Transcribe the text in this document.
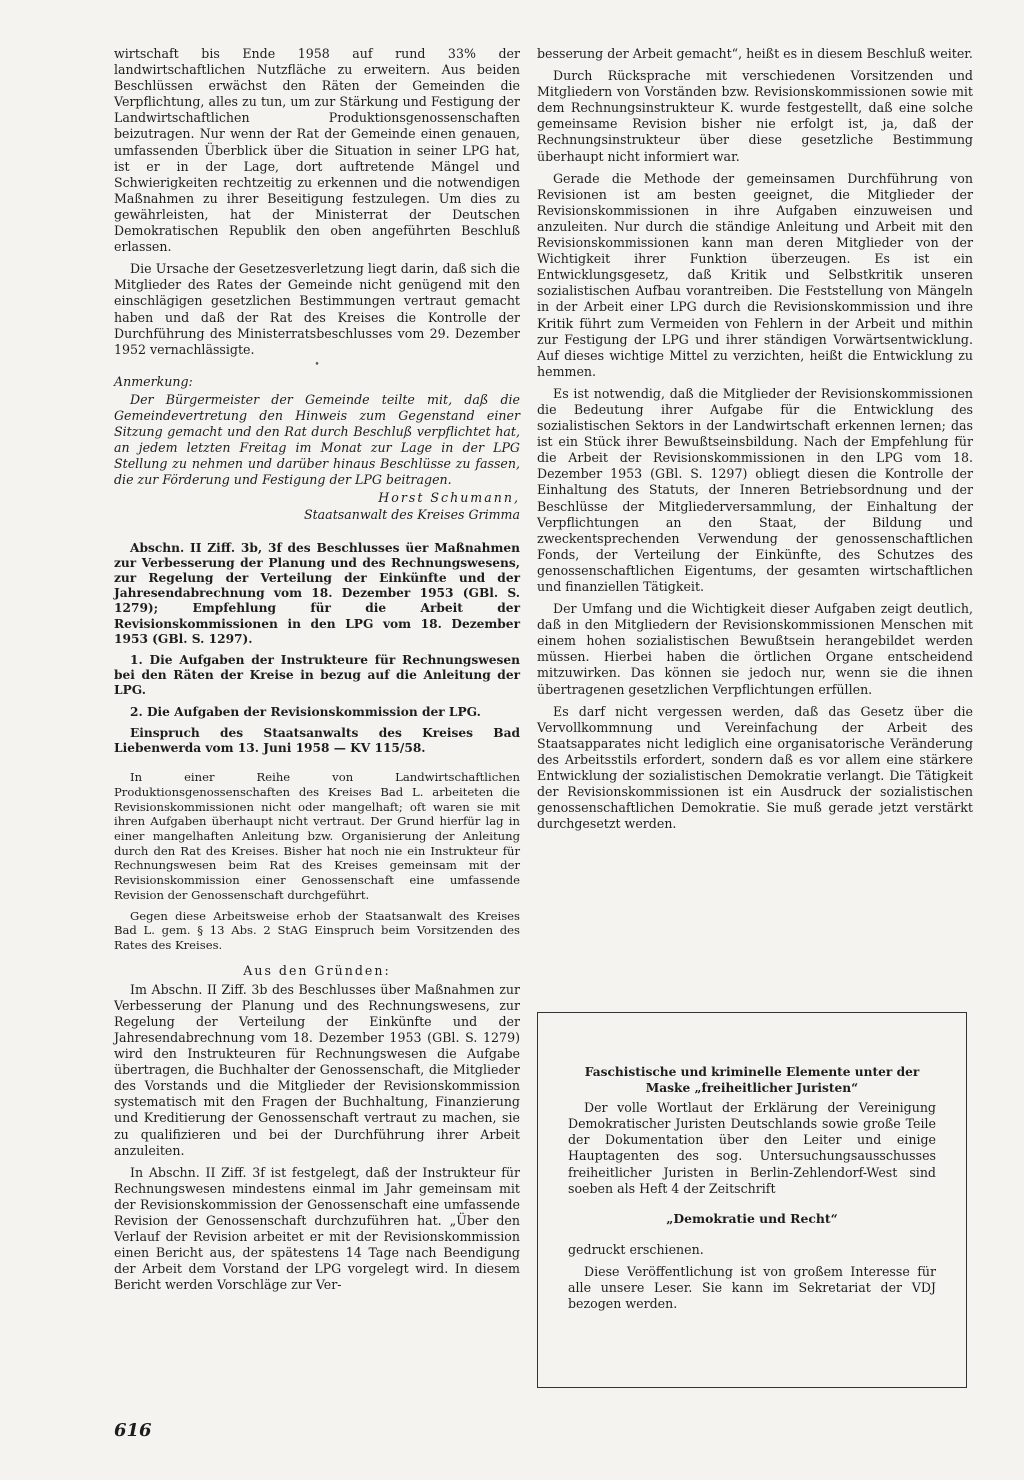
wirtschaft bis Ende 1958 auf rund 33% der landwirtschaftlichen Nutzfläche zu erweitern. Aus beiden Beschlüssen erwächst den Räten der Gemeinden die Verpflichtung, alles zu tun, um zur Stärkung und Festigung der Landwirtschaftlichen Produktionsgenossenschaften beizutragen. Nur wenn der Rat der Gemeinde einen genauen, umfassenden Überblick über die Situation in seiner LPG hat, ist er in der Lage, dort auftretende Mängel und Schwierigkeiten rechtzeitig zu erkennen und die notwendigen Maßnahmen zu ihrer Beseitigung festzulegen. Um dies zu gewährleisten, hat der Ministerrat der Deutschen Demokratischen Republik den oben angeführten Beschluß erlassen.

Die Ursache der Gesetzesverletzung liegt darin, daß sich die Mitglieder des Rates der Gemeinde nicht genügend mit den einschlägigen gesetzlichen Bestimmungen vertraut gemacht haben und daß der Rat des Kreises die Kontrolle der Durchführung des Ministerratsbeschlusses vom 29. Dezember 1952 vernachlässigte.

•

Anmerkung:

Der Bürgermeister der Gemeinde teilte mit, daß die Gemeindevertretung den Hinweis zum Gegenstand einer Sitzung gemacht und den Rat durch Beschluß verpflichtet hat, an jedem letzten Freitag im Monat zur Lage in der LPG Stellung zu nehmen und darüber hinaus Beschlüsse zu fassen, die zur Förderung und Festigung der LPG beitragen.

Horst Schumann,

Staatsanwalt des Kreises Grimma

Abschn. II Ziff. 3b, 3f des Beschlusses üer Maßnahmen zur Verbesserung der Planung und des Rechnungswesens, zur Regelung der Verteilung der Einkünfte und der Jahresendabrechnung vom 18. Dezember 1953 (GBl. S. 1279); Empfehlung für die Arbeit der Revisionskommissionen in den LPG vom 18. Dezember 1953 (GBl. S. 1297).
1. Die Aufgaben der Instrukteure für Rechnungswesen bei den Räten der Kreise in bezug auf die Anleitung der LPG.
2. Die Aufgaben der Revisionskommission der LPG.
Einspruch des Staatsanwalts des Kreises Bad Liebenwerda vom 13. Juni 1958 — KV 115/58.

In einer Reihe von Landwirtschaftlichen Produktionsgenossenschaften des Kreises Bad L. arbeiteten die Revisionskommissionen nicht oder mangelhaft; oft waren sie mit ihren Aufgaben überhaupt nicht vertraut. Der Grund hierfür lag in einer mangelhaften Anleitung bzw. Organisierung der Anleitung durch den Rat des Kreises. Bisher hat noch nie ein Instrukteur für Rechnungswesen beim Rat des Kreises gemeinsam mit der Revisionskommission einer Genossenschaft eine umfassende Revision der Genossenschaft durchgeführt.

Gegen diese Arbeitsweise erhob der Staatsanwalt des Kreises Bad L. gem. § 13 Abs. 2 StAG Einspruch beim Vorsitzenden des Rates des Kreises.

Aus den Gründen:

Im Abschn. II Ziff. 3b des Beschlusses über Maßnahmen zur Verbesserung der Planung und des Rechnungswesens, zur Regelung der Verteilung der Einkünfte und der Jahresendabrechnung vom 18. Dezember 1953 (GBl. S. 1279) wird den Instrukteuren für Rechnungswesen die Aufgabe übertragen, die Buchhalter der Genossenschaft, die Mitglieder des Vorstands und die Mitglieder der Revisionskommission systematisch mit den Fragen der Buchhaltung, Finanzierung und Kreditierung der Genossenschaft vertraut zu machen, sie zu qualifizieren und bei der Durchführung ihrer Arbeit anzuleiten.

In Abschn. II Ziff. 3f ist festgelegt, daß der Instrukteur für Rechnungswesen mindestens einmal im Jahr gemeinsam mit der Revisionskommission der Genossenschaft eine umfassende Revision der Genossenschaft durchzuführen hat. „Über den Verlauf der Revision arbeitet er mit der Revisionskommission einen Bericht aus, der spätestens 14 Tage nach Beendigung der Arbeit dem Vorstand der LPG vorgelegt wird. In diesem Bericht werden Vorschläge zur Ver-

besserung der Arbeit gemacht“, heißt es in diesem Beschluß weiter.

Durch Rücksprache mit verschiedenen Vorsitzenden und Mitgliedern von Vorständen bzw. Revisionskommissionen sowie mit dem Rechnungsinstrukteur K. wurde festgestellt, daß eine solche gemeinsame Revision bisher nie erfolgt ist, ja, daß der Rechnungsinstrukteur über diese gesetzliche Bestimmung überhaupt nicht informiert war.

Gerade die Methode der gemeinsamen Durchführung von Revisionen ist am besten geeignet, die Mitglieder der Revisionskommissionen in ihre Aufgaben einzuweisen und anzuleiten. Nur durch die ständige Anleitung und Arbeit mit den Revisionskommissionen kann man deren Mitglieder von der Wichtigkeit ihrer Funktion überzeugen. Es ist ein Entwicklungsgesetz, daß Kritik und Selbstkritik unseren sozialistischen Aufbau vorantreiben. Die Feststellung von Mängeln in der Arbeit einer LPG durch die Revisionskommission und ihre Kritik führt zum Vermeiden von Fehlern in der Arbeit und mithin zur Festigung der LPG und ihrer ständigen Vorwärtsentwicklung. Auf dieses wichtige Mittel zu verzichten, heißt die Entwicklung zu hemmen.

Es ist notwendig, daß die Mitglieder der Revisionskommissionen die Bedeutung ihrer Aufgabe für die Entwicklung des sozialistischen Sektors in der Landwirtschaft erkennen lernen; das ist ein Stück ihrer Bewußtseinsbildung. Nach der Empfehlung für die Arbeit der Revisionskommissionen in den LPG vom 18. Dezember 1953 (GBl. S. 1297) obliegt diesen die Kontrolle der Einhaltung des Statuts, der Inneren Betriebsordnung und der Beschlüsse der Mitgliederversammlung, der Einhaltung der Verpflichtungen an den Staat, der Bildung und zweckentsprechenden Verwendung der genossenschaftlichen Fonds, der Verteilung der Einkünfte, des Schutzes des genossenschaftlichen Eigentums, der gesamten wirtschaftlichen und finanziellen Tätigkeit.

Der Umfang und die Wichtigkeit dieser Aufgaben zeigt deutlich, daß in den Mitgliedern der Revisionskommissionen Menschen mit einem hohen sozialistischen Bewußtsein herangebildet werden müssen. Hierbei haben die örtlichen Organe entscheidend mitzuwirken. Das können sie jedoch nur, wenn sie die ihnen übertragenen gesetzlichen Verpflichtungen erfüllen.

Es darf nicht vergessen werden, daß das Gesetz über die Vervollkommnung und Vereinfachung der Arbeit des Staatsapparates nicht lediglich eine organisatorische Veränderung des Arbeitsstils erfordert, sondern daß es vor allem eine stärkere Entwicklung der sozialistischen Demokratie verlangt. Die Tätigkeit der Revisionskommissionen ist ein Ausdruck der sozialistischen genossenschaftlichen Demokratie. Sie muß gerade jetzt verstärkt durchgesetzt werden.

Faschistische und kriminelle Elemente unter der Maske „freiheitlicher Juristen“

Der volle Wortlaut der Erklärung der Vereinigung Demokratischer Juristen Deutschlands sowie große Teile der Dokumentation über den Leiter und einige Hauptagenten des sog. Untersuchungsausschusses freiheitlicher Juristen in Berlin-Zehlendorf-West sind soeben als Heft 4 der Zeitschrift

„Demokratie und Recht“

gedruckt erschienen.

Diese Veröffentlichung ist von großem Interesse für alle unsere Leser. Sie kann im Sekretariat der VDJ bezogen werden.

616
